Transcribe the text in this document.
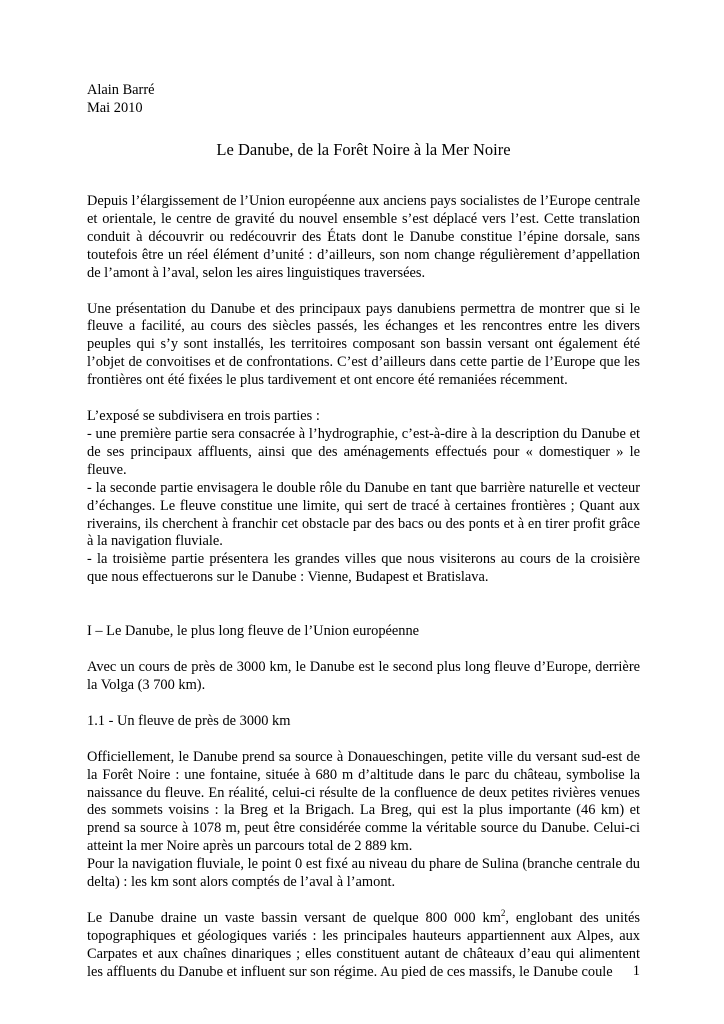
Alain Barré
Mai 2010
Le Danube, de la Forêt Noire à la Mer Noire

Depuis l’élargissement de l’Union européenne aux anciens pays socialistes de l’Europe centrale et orientale, le centre de gravité du nouvel ensemble s’est déplacé vers l’est. Cette translation conduit à découvrir ou redécouvrir des États dont le Danube constitue l’épine dorsale, sans toutefois être un réel élément d’unité : d’ailleurs, son nom change régulièrement d’appellation de l’amont à l’aval, selon les aires linguistiques traversées.

Une présentation du Danube et des principaux pays danubiens permettra de montrer que si le fleuve a facilité, au cours des siècles passés, les échanges et les rencontres entre les divers peuples qui s’y sont installés, les territoires composant son bassin versant ont également été l’objet de convoitises et de confrontations. C’est d’ailleurs dans cette partie de l’Europe que les frontières ont été fixées le plus tardivement et ont encore été remaniées récemment.

L’exposé se subdivisera en trois parties :

- une première partie sera consacrée à l’hydrographie, c’est-à-dire à la description du Danube et de ses principaux affluents, ainsi que des aménagements effectués pour « domestiquer » le fleuve.

- la seconde partie envisagera le double rôle du Danube en tant que barrière naturelle et vecteur d’échanges. Le fleuve constitue une limite, qui sert de tracé à certaines frontières ; Quant aux riverains, ils cherchent à franchir cet obstacle par des bacs ou des ponts et à en tirer profit grâce à la navigation fluviale.

- la troisième partie présentera les grandes villes que nous visiterons au cours de la croisière que nous effectuerons sur le Danube : Vienne, Budapest et Bratislava.

I – Le Danube, le plus long fleuve de l’Union européenne

Avec un cours de près de 3000 km, le Danube est le second plus long fleuve d’Europe, derrière la Volga (3 700 km).

1.1 - Un fleuve de près de 3000 km

Officiellement, le Danube prend sa source à Donaueschingen, petite ville du versant sud-est de la Forêt Noire : une fontaine, située à 680 m d’altitude dans le parc du château, symbolise la naissance du fleuve. En réalité, celui-ci résulte de la confluence de deux petites rivières venues des sommets voisins : la Breg et la Brigach. La Breg, qui est la plus importante (46 km) et prend sa source à 1078 m, peut être considérée comme la véritable source du Danube. Celui-ci atteint la mer Noire après un parcours total de 2 889 km.

Pour la navigation fluviale, le point 0 est fixé au niveau du phare de Sulina (branche centrale du delta) : les km sont alors comptés de l’aval à l’amont.

Le Danube draine un vaste bassin versant de quelque 800 000 $km^2$, englobant des unités topographiques et géologiques variés : les principales hauteurs appartiennent aux Alpes, aux Carpates et aux chaînes dinariques ; elles constituent autant de châteaux d’eau qui alimentent les affluents du Danube et influent sur son régime. Au pied de ces massifs, le Danube coule	1
